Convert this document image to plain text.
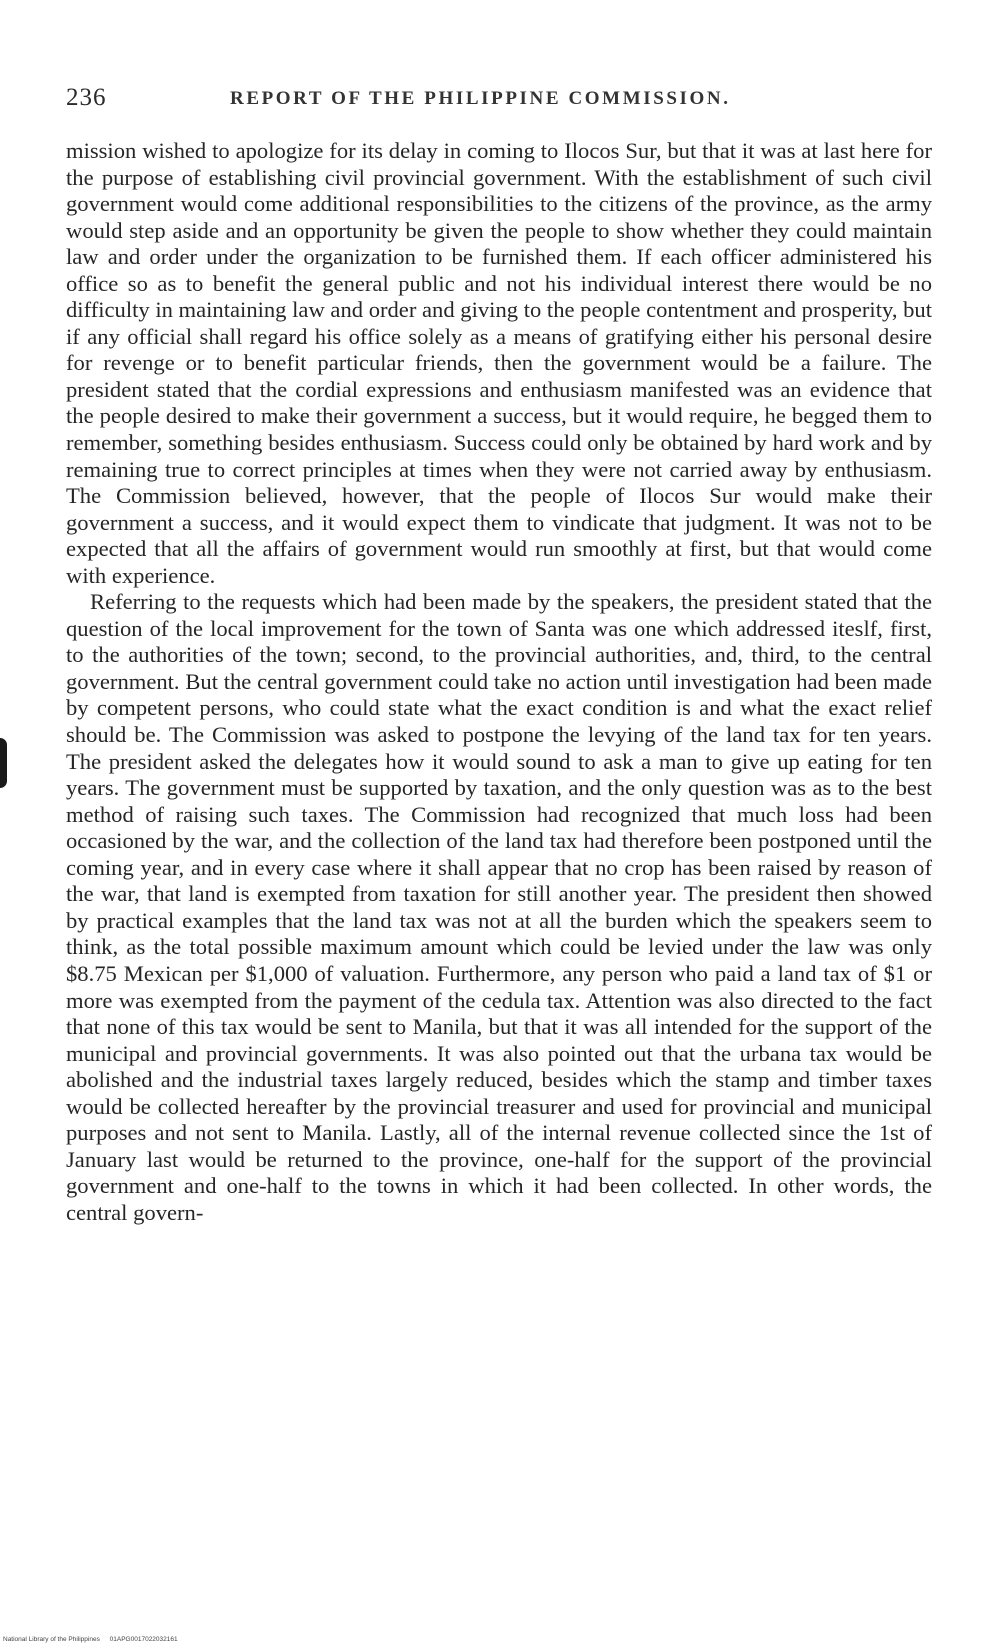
236	REPORT OF THE PHILIPPINE COMMISSION.

mission wished to apologize for its delay in coming to Ilocos Sur, but that it was at last here for the purpose of establishing civil provincial government. With the establishment of such civil government would come additional responsibilities to the citizens of the province, as the army would step aside and an opportunity be given the people to show whether they could maintain law and order under the organization to be furnished them. If each officer administered his office so as to benefit the general public and not his individual interest there would be no difficulty in maintaining law and order and giving to the people contentment and prosperity, but if any official shall regard his office solely as a means of gratifying either his personal desire for revenge or to benefit particular friends, then the government would be a failure. The president stated that the cordial expressions and enthusiasm manifested was an evidence that the people desired to make their government a success, but it would require, he begged them to remember, something besides enthusiasm. Success could only be obtained by hard work and by remaining true to correct principles at times when they were not carried away by enthusiasm. The Commission believed, however, that the people of Ilocos Sur would make their government a success, and it would expect them to vindicate that judgment. It was not to be expected that all the affairs of government would run smoothly at first, but that would come with experience.

Referring to the requests which had been made by the speakers, the president stated that the question of the local improvement for the town of Santa was one which addressed iteslf, first, to the authorities of the town; second, to the provincial authorities, and, third, to the central government. But the central government could take no action until investigation had been made by competent persons, who could state what the exact condition is and what the exact relief should be. The Commission was asked to postpone the levying of the land tax for ten years. The president asked the delegates how it would sound to ask a man to give up eating for ten years. The government must be supported by taxation, and the only question was as to the best method of raising such taxes. The Commission had recognized that much loss had been occasioned by the war, and the collection of the land tax had therefore been postponed until the coming year, and in every case where it shall appear that no crop has been raised by reason of the war, that land is exempted from taxation for still another year. The president then showed by practical examples that the land tax was not at all the burden which the speakers seem to think, as the total possible maximum amount which could be levied under the law was only $8.75 Mexican per $1,000 of valuation. Furthermore, any person who paid a land tax of $1 or more was exempted from the payment of the cedula tax. Attention was also directed to the fact that none of this tax would be sent to Manila, but that it was all intended for the support of the municipal and provincial governments. It was also pointed out that the urbana tax would be abolished and the industrial taxes largely reduced, besides which the stamp and timber taxes would be collected hereafter by the provincial treasurer and used for provincial and municipal purposes and not sent to Manila. Lastly, all of the internal revenue collected since the 1st of January last would be returned to the province, one-half for the support of the provincial government and one-half to the towns in which it had been collected. In other words, the central govern-

National Library of the Philippines 01APG0017022032161
